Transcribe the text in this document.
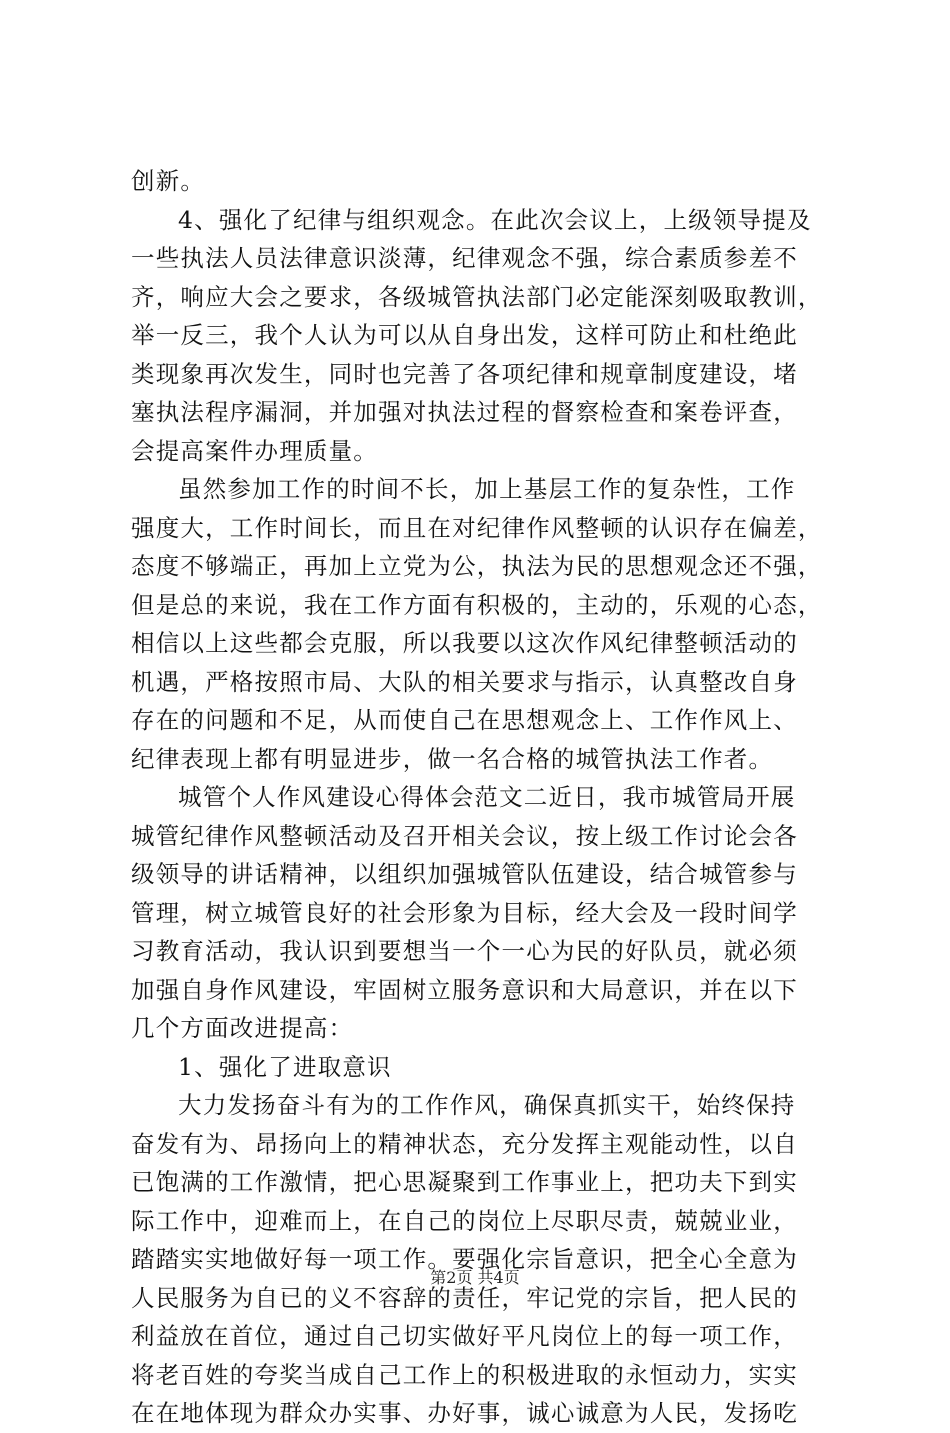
创新。
4、强化了纪律与组织观念。在此次会议上，上级领导提及
一些执法人员法律意识淡薄，纪律观念不强，综合素质参差不
齐，响应大会之要求，各级城管执法部门必定能深刻吸取教训，
举一反三，我个人认为可以从自身出发，这样可防止和杜绝此
类现象再次发生，同时也完善了各项纪律和规章制度建设，堵
塞执法程序漏洞，并加强对执法过程的督察检查和案卷评查，
会提高案件办理质量。
虽然参加工作的时间不长，加上基层工作的复杂性，工作
强度大，工作时间长，而且在对纪律作风整顿的认识存在偏差，
态度不够端正，再加上立党为公，执法为民的思想观念还不强，
但是总的来说，我在工作方面有积极的，主动的，乐观的心态，
相信以上这些都会克服，所以我要以这次作风纪律整顿活动的
机遇，严格按照市局、大队的相关要求与指示，认真整改自身
存在的问题和不足，从而使自己在思想观念上、工作作风上、
纪律表现上都有明显进步，做一名合格的城管执法工作者。
城管个人作风建设心得体会范文二近日，我市城管局开展
城管纪律作风整顿活动及召开相关会议，按上级工作讨论会各
级领导的讲话精神，以组织加强城管队伍建设，结合城管参与
管理，树立城管良好的社会形象为目标，经大会及一段时间学
习教育活动，我认识到要想当一个一心为民的好队员，就必须
加强自身作风建设，牢固树立服务意识和大局意识，并在以下
几个方面改进提高：
1、强化了进取意识
大力发扬奋斗有为的工作作风，确保真抓实干，始终保持
奋发有为、昂扬向上的精神状态，充分发挥主观能动性，以自
已饱满的工作激情，把心思凝聚到工作事业上，把功夫下到实
际工作中，迎难而上，在自己的岗位上尽职尽责，兢兢业业，
踏踏实实地做好每一项工作。要强化宗旨意识，把全心全意为
人民服务为自已的义不容辞的责任，牢记党的宗旨，把人民的
利益放在首位，通过自己切实做好平凡岗位上的每一项工作，
将老百姓的夸奖当成自己工作上的积极进取的永恒动力，实实
在在地体现为群众办实事、办好事，诚心诚意为人民，发扬吃
第2页 共4页
